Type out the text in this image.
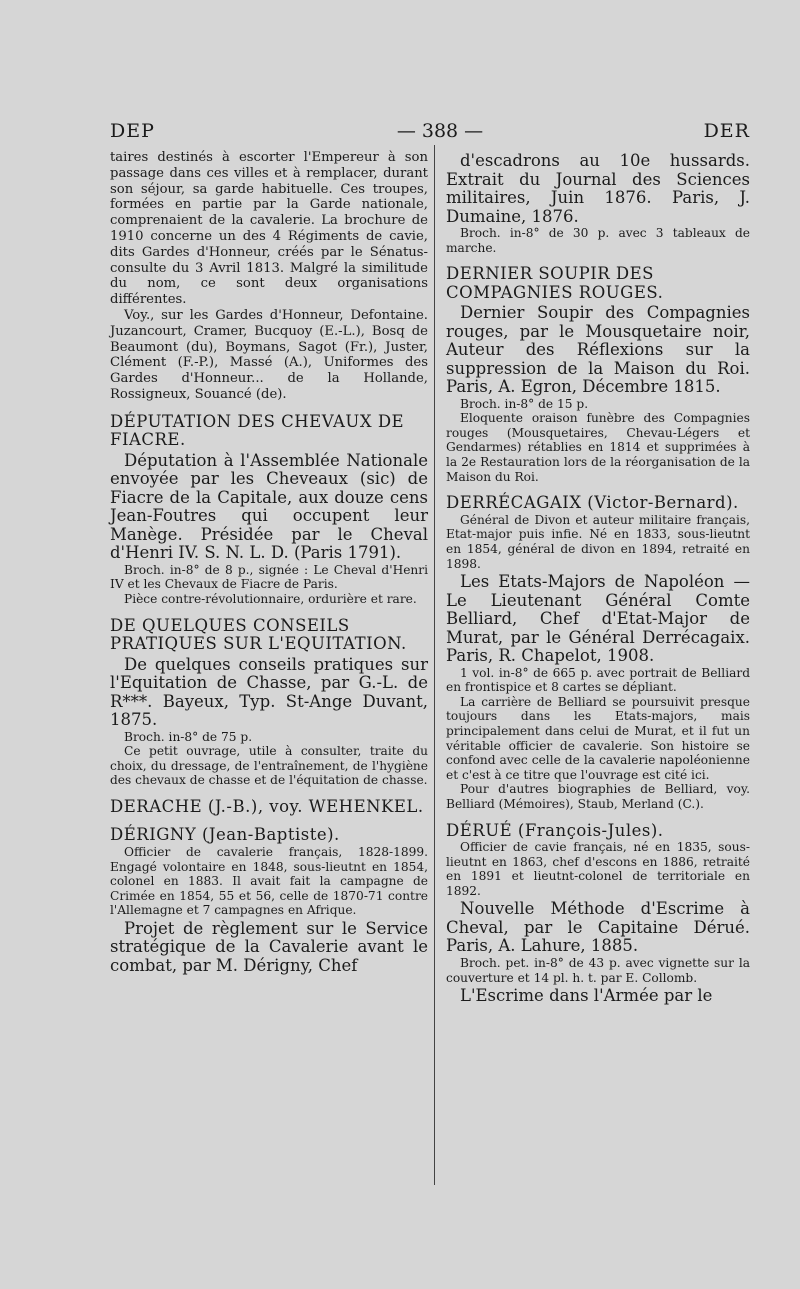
DEP	— 388 —	DER

taires destinés à escorter l'Empereur à son passage dans ces villes et à remplacer, durant son séjour, sa garde habituelle. Ces troupes, formées en partie par la Garde nationale, comprenaient de la cavalerie. La brochure de 1910 concerne un des 4 Régiments de cavie, dits Gardes d'Honneur, créés par le Sénatus-consulte du 3 Avril 1813. Malgré la similitude du nom, ce sont deux organisations différentes.

Voy., sur les Gardes d'Honneur, Defontaine. Juzancourt, Cramer, Bucquoy (E.-L.), Bosq de Beaumont (du), Boymans, Sagot (Fr.), Juster, Clément (F.-P.), Massé (A.), Uniformes des Gardes d'Honneur... de la Hollande, Rossigneux, Souancé (de).

DÉPUTATION DES CHEVAUX DE FIACRE.

Députation à l'Assemblée Nationale envoyée par les Cheveaux (sic) de Fiacre de la Capitale, aux douze cens Jean-Foutres qui occupent leur Manège. Présidée par le Cheval d'Henri IV. S. N. L. D. (Paris 1791).

Broch. in-8° de 8 p., signée : Le Cheval d'Henri IV et les Chevaux de Fiacre de Paris.

Pièce contre-révolutionnaire, ordurière et rare.

DE QUELQUES CONSEILS PRATIQUES SUR L'EQUITATION.

De quelques conseils pratiques sur l'Equitation de Chasse, par G.-L. de R***. Bayeux, Typ. St-Ange Duvant, 1875.

Broch. in-8° de 75 p.

Ce petit ouvrage, utile à consulter, traite du choix, du dressage, de l'entraînement, de l'hygiène des chevaux de chasse et de l'équitation de chasse.

DERACHE (J.-B.), voy. WEHENKEL.

DÉRIGNY (Jean-Baptiste).

Officier de cavalerie français, 1828-1899. Engagé volontaire en 1848, sous-lieutnt en 1854, colonel en 1883. Il avait fait la campagne de Crimée en 1854, 55 et 56, celle de 1870-71 contre l'Allemagne et 7 campagnes en Afrique.

Projet de règlement sur le Service stratégique de la Cavalerie avant le combat, par M. Dérigny, Chef

d'escadrons au 10e hussards. Extrait du Journal des Sciences militaires, Juin 1876. Paris, J. Dumaine, 1876.

Broch. in-8° de 30 p. avec 3 tableaux de marche.

DERNIER SOUPIR DES COMPAGNIES ROUGES.

Dernier Soupir des Compagnies rouges, par le Mousquetaire noir, Auteur des Réflexions sur la suppression de la Maison du Roi. Paris, A. Egron, Décembre 1815.

Broch. in-8° de 15 p.

Eloquente oraison funèbre des Compagnies rouges (Mousquetaires, Chevau-Légers et Gendarmes) rétablies en 1814 et supprimées à la 2e Restauration lors de la réorganisation de la Maison du Roi.

DERRÉCAGAIX (Victor-Bernard).

Général de Divon et auteur militaire français, Etat-major puis infie. Né en 1833, sous-lieutnt en 1854, général de divon en 1894, retraité en 1898.

Les Etats-Majors de Napoléon — Le Lieutenant Général Comte Belliard, Chef d'Etat-Major de Murat, par le Général Derrécagaix. Paris, R. Chapelot, 1908.

1 vol. in-8° de 665 p. avec portrait de Belliard en frontispice et 8 cartes se dépliant.

La carrière de Belliard se poursuivit presque toujours dans les Etats-majors, mais principalement dans celui de Murat, et il fut un véritable officier de cavalerie. Son histoire se confond avec celle de la cavalerie napoléonienne et c'est à ce titre que l'ouvrage est cité ici.

Pour d'autres biographies de Belliard, voy. Belliard (Mémoires), Staub, Merland (C.).

DÉRUÉ (François-Jules).

Officier de cavie français, né en 1835, sous-lieutnt en 1863, chef d'escons en 1886, retraité en 1891 et lieutnt-colonel de territoriale en 1892.

Nouvelle Méthode d'Escrime à Cheval, par le Capitaine Dérué. Paris, A. Lahure, 1885.

Broch. pet. in-8° de 43 p. avec vignette sur la couverture et 14 pl. h. t. par E. Collomb.

L'Escrime dans l'Armée par le
